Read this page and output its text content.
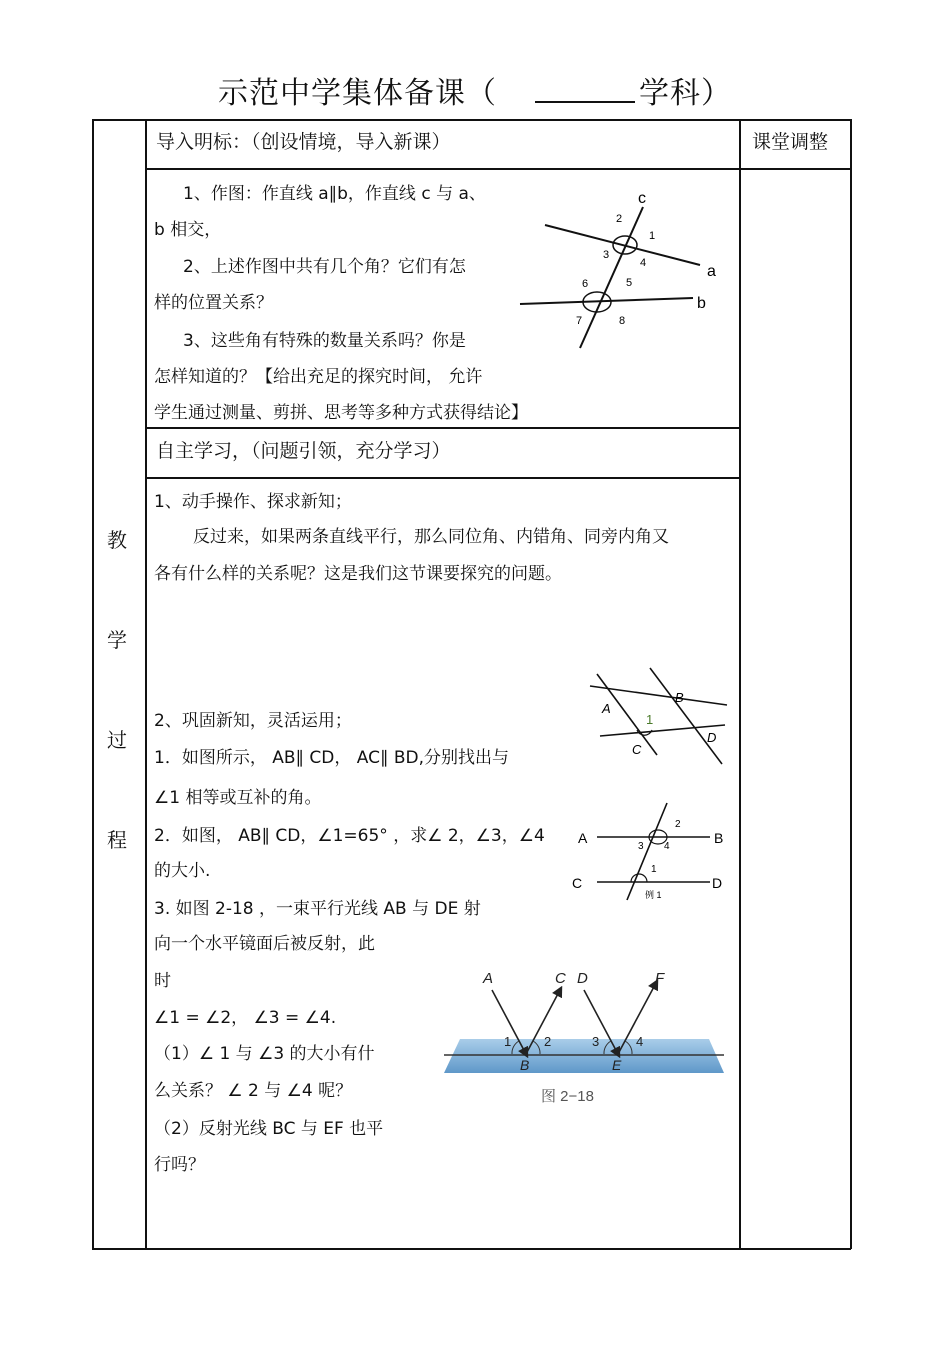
示范中学集体备课（	学科）
导入明标：（创设情境，导入新课）	课堂调整
自主学习，（问题引领，充分学习）
教
学
过
程
1、作图：作直线 a∥b，作直线 c 与 a、
b 相交，
2、上述作图中共有几个角？它们有怎
样的位置关系？
3、这些角有特殊的数量关系吗？你是
怎样知道的？【给出充足的探究时间， 允许
学生通过测量、剪拼、思考等多种方式获得结论】
c
a
b
2
1
3
4
6	5
7	8
1、动手操作、探求新知；
反过来，如果两条直线平行，那么同位角、内错角、同旁内角又
各有什么样的关系呢？这是我们这节课要探究的问题。
2、巩固新知，灵活运用；
1．如图所示， AB∥ CD， AC∥ BD,分别找出与
∠1 相等或互补的角。
2．如图， AB∥ CD，∠1=65° ，求∠ 2，∠3，∠4
的大小.
3. 如图 2-18 ，一束平行光线 AB 与 DE 射
向一个水平镜面后被反射，此
时
∠1 = ∠2， ∠3 = ∠4.
（1）∠ 1 与 ∠3 的大小有什
么关系？ ∠ 2 与 ∠4 呢？
（2）反射光线 BC 与 EF 也平
行吗？
A
B
C
D
1
A	B
C	D
2
3 4
1
例 1
A	C D	F
B	E
1	2	3	4
图 2−18
